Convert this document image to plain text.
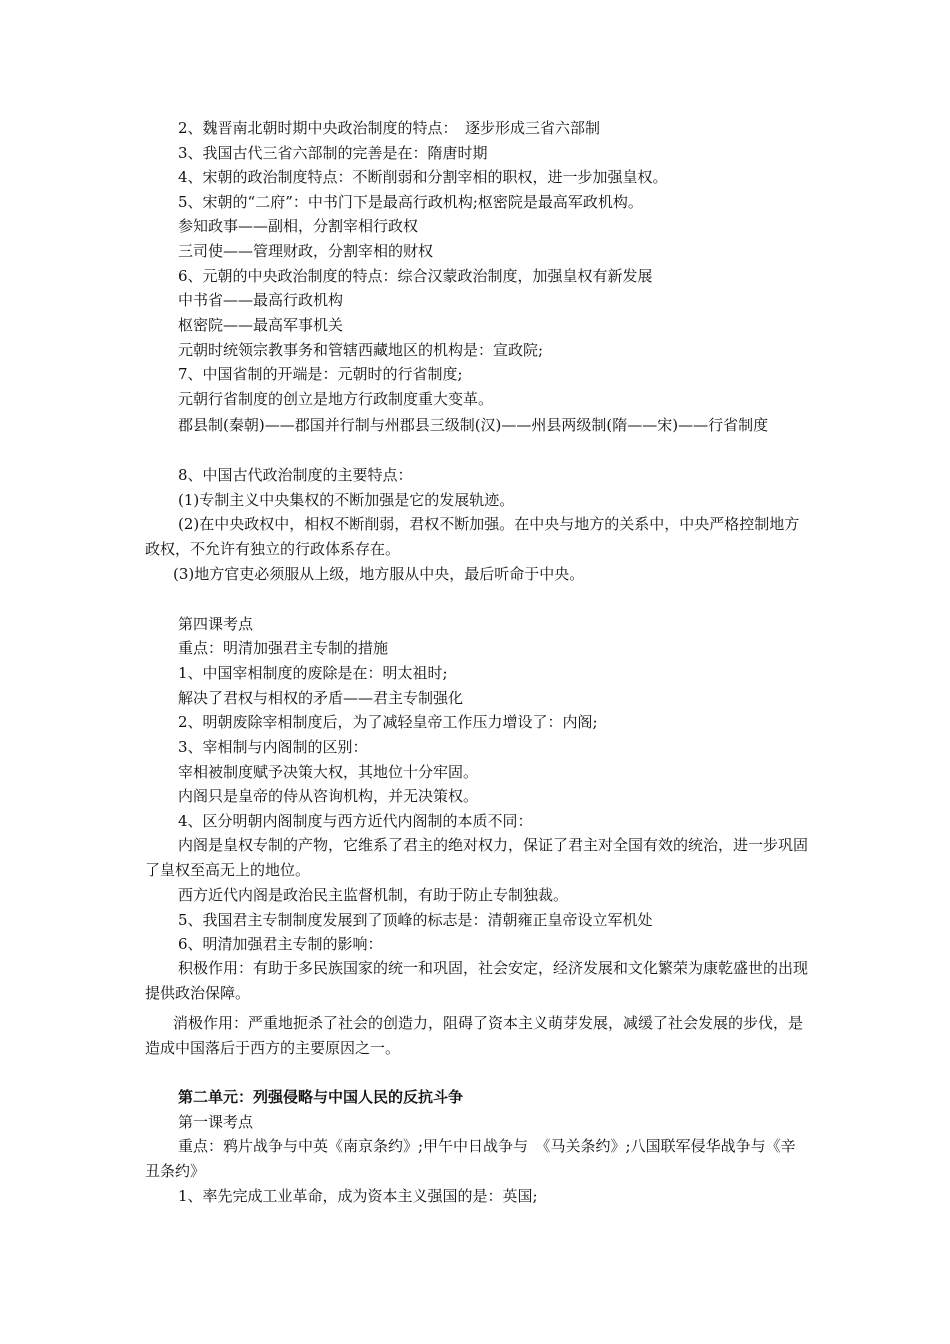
2、魏晋南北朝时期中央政治制度的特点：　逐步形成三省六部制
3、我国古代三省六部制的完善是在：隋唐时期
4、宋朝的政治制度特点：不断削弱和分割宰相的职权，进一步加强皇权。
5、宋朝的“二府”：中书门下是最高行政机构;枢密院是最高军政机构。
参知政事——副相，分割宰相行政权
三司使——管理财政，分割宰相的财权
6、元朝的中央政治制度的特点：综合汉蒙政治制度，加强皇权有新发展
中书省——最高行政机构
枢密院——最高军事机关
元朝时统领宗教事务和管辖西藏地区的机构是：宣政院;
7、中国省制的开端是：元朝时的行省制度;
元朝行省制度的创立是地方行政制度重大变革。
郡县制(秦朝)——郡国并行制与州郡县三级制(汉)——州县两级制(隋——宋)——行省制度
8、中国古代政治制度的主要特点：
(1)专制主义中央集权的不断加强是它的发展轨迹。
(2)在中央政权中，相权不断削弱，君权不断加强。在中央与地方的关系中，中央严格控制地方政权，不允许有独立的行政体系存在。
(3)地方官吏必须服从上级，地方服从中央，最后听命于中央。
第四课考点
重点：明清加强君主专制的措施
1、中国宰相制度的废除是在：明太祖时;
解决了君权与相权的矛盾——君主专制强化
2、明朝废除宰相制度后，为了减轻皇帝工作压力增设了：内阁;
3、宰相制与内阁制的区别：
宰相被制度赋予决策大权，其地位十分牢固。
内阁只是皇帝的侍从咨询机构，并无决策权。
4、区分明朝内阁制度与西方近代内阁制的本质不同：
内阁是皇权专制的产物，它维系了君主的绝对权力，保证了君主对全国有效的统治，进一步巩固了皇权至高无上的地位。
西方近代内阁是政治民主监督机制，有助于防止专制独裁。
5、我国君主专制制度发展到了顶峰的标志是：清朝雍正皇帝设立军机处
6、明清加强君主专制的影响：
积极作用：有助于多民族国家的统一和巩固，社会安定，经济发展和文化繁荣为康乾盛世的出现提供政治保障。
消极作用：严重地扼杀了社会的创造力，阻碍了资本主义萌芽发展，减缓了社会发展的步伐，是造成中国落后于西方的主要原因之一。
第二单元：列强侵略与中国人民的反抗斗争
第一课考点
重点：鸦片战争与中英《南京条约》;甲午中日战争与　《马关条约》;八国联军侵华战争与《辛丑条约》
1、率先完成工业革命，成为资本主义强国的是：英国;
